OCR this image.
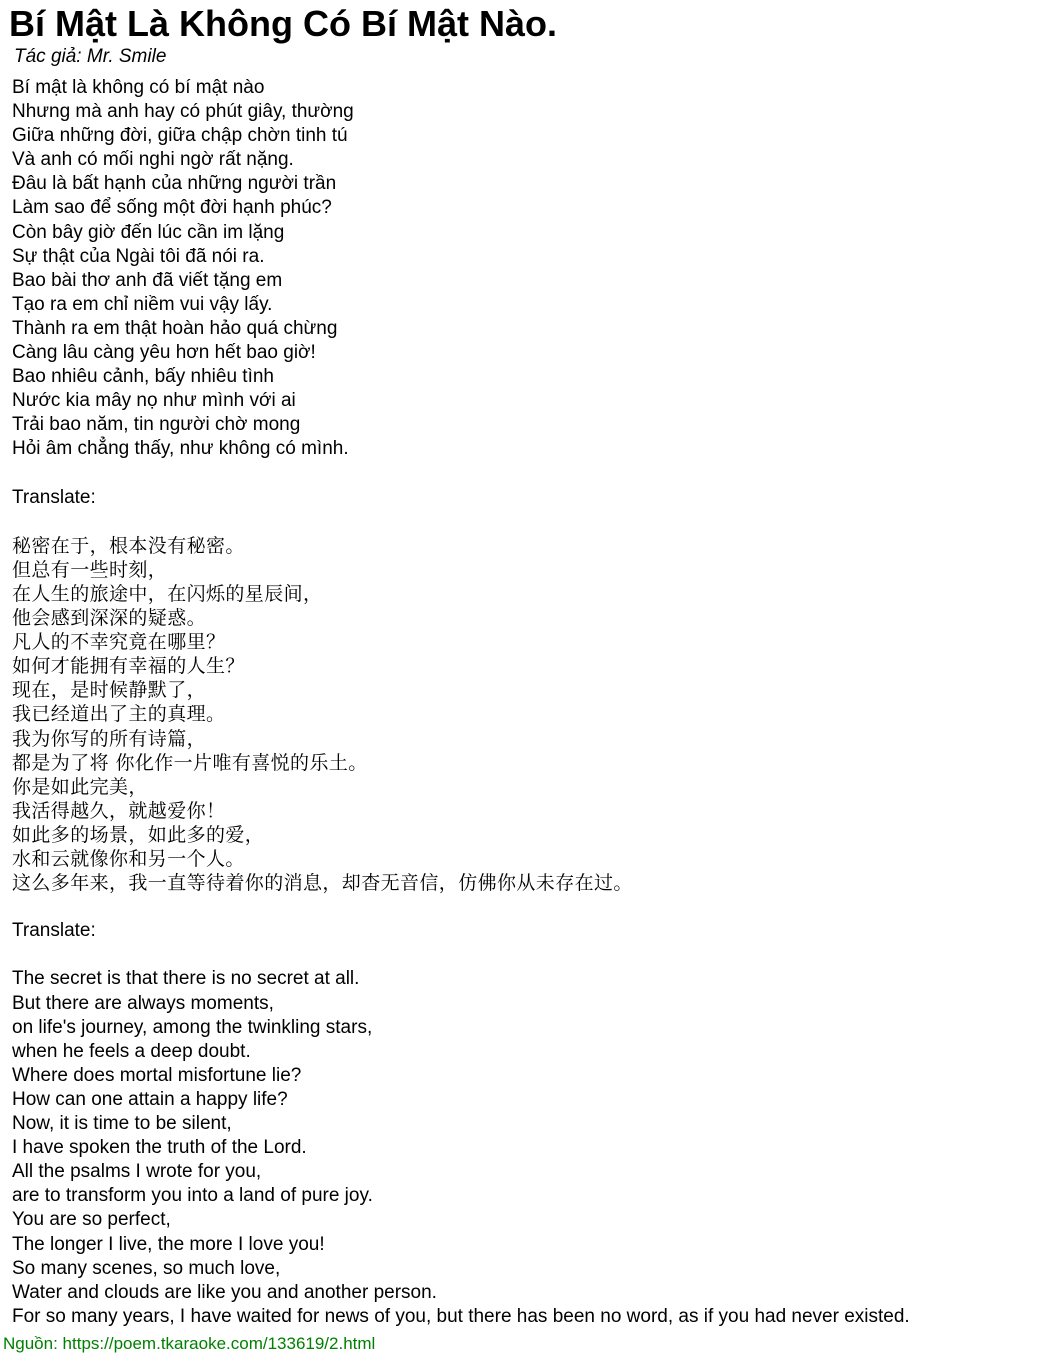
Bí Mật Là Không Có Bí Mật Nào.
Tác giả: Mr. Smile
Bí mật là không có bí mật nào
Nhưng mà anh hay có phút giây, thường
Giữa những đời, giữa chập chờn tinh tú
Và anh có mối nghi ngờ rất nặng.
Đâu là bất hạnh của những người trần
Làm sao để sống một đời hạnh phúc?
Còn bây giờ đến lúc cần im lặng
Sự thật của Ngài tôi đã nói ra.
Bao bài thơ anh đã viết tặng em
Tạo ra em chỉ niềm vui vậy lấy.
Thành ra em thật hoàn hảo quá chừng
Càng lâu càng yêu hơn hết bao giờ!
Bao nhiêu cảnh, bấy nhiêu tình
Nước kia mây nọ như mình với ai
Trải bao năm, tin người chờ mong
Hỏi âm chẳng thấy, như không có mình.
Translate:
秘密在于，根本没有秘密。
但总有一些时刻，
在人生的旅途中，在闪烁的星辰间，
他会感到深深的疑惑。
凡人的不幸究竟在哪里？
如何才能拥有幸福的人生？
现在，是时候静默了，
我已经道出了主的真理。
我为你写的所有诗篇，
都是为了将 你化作一片唯有喜悦的乐土。
你是如此完美，
我活得越久，就越爱你！
如此多的场景，如此多的爱，
水和云就像你和另一个人。
这么多年来，我一直等待着你的消息，却杳无音信，仿佛你从未存在过。
Translate:
The secret is that there is no secret at all.
But there are always moments,
on life's journey, among the twinkling stars,
when he feels a deep doubt.
Where does mortal misfortune lie?
How can one attain a happy life?
Now, it is time to be silent,
I have spoken the truth of the Lord.
All the psalms I wrote for you,
are to transform you into a land of pure joy.
You are so perfect,
The longer I live, the more I love you!
So many scenes, so much love,
Water and clouds are like you and another person.
For so many years, I have waited for news of you, but there has been no word, as if you had never existed.
Nguồn: https://poem.tkaraoke.com/133619/2.html
